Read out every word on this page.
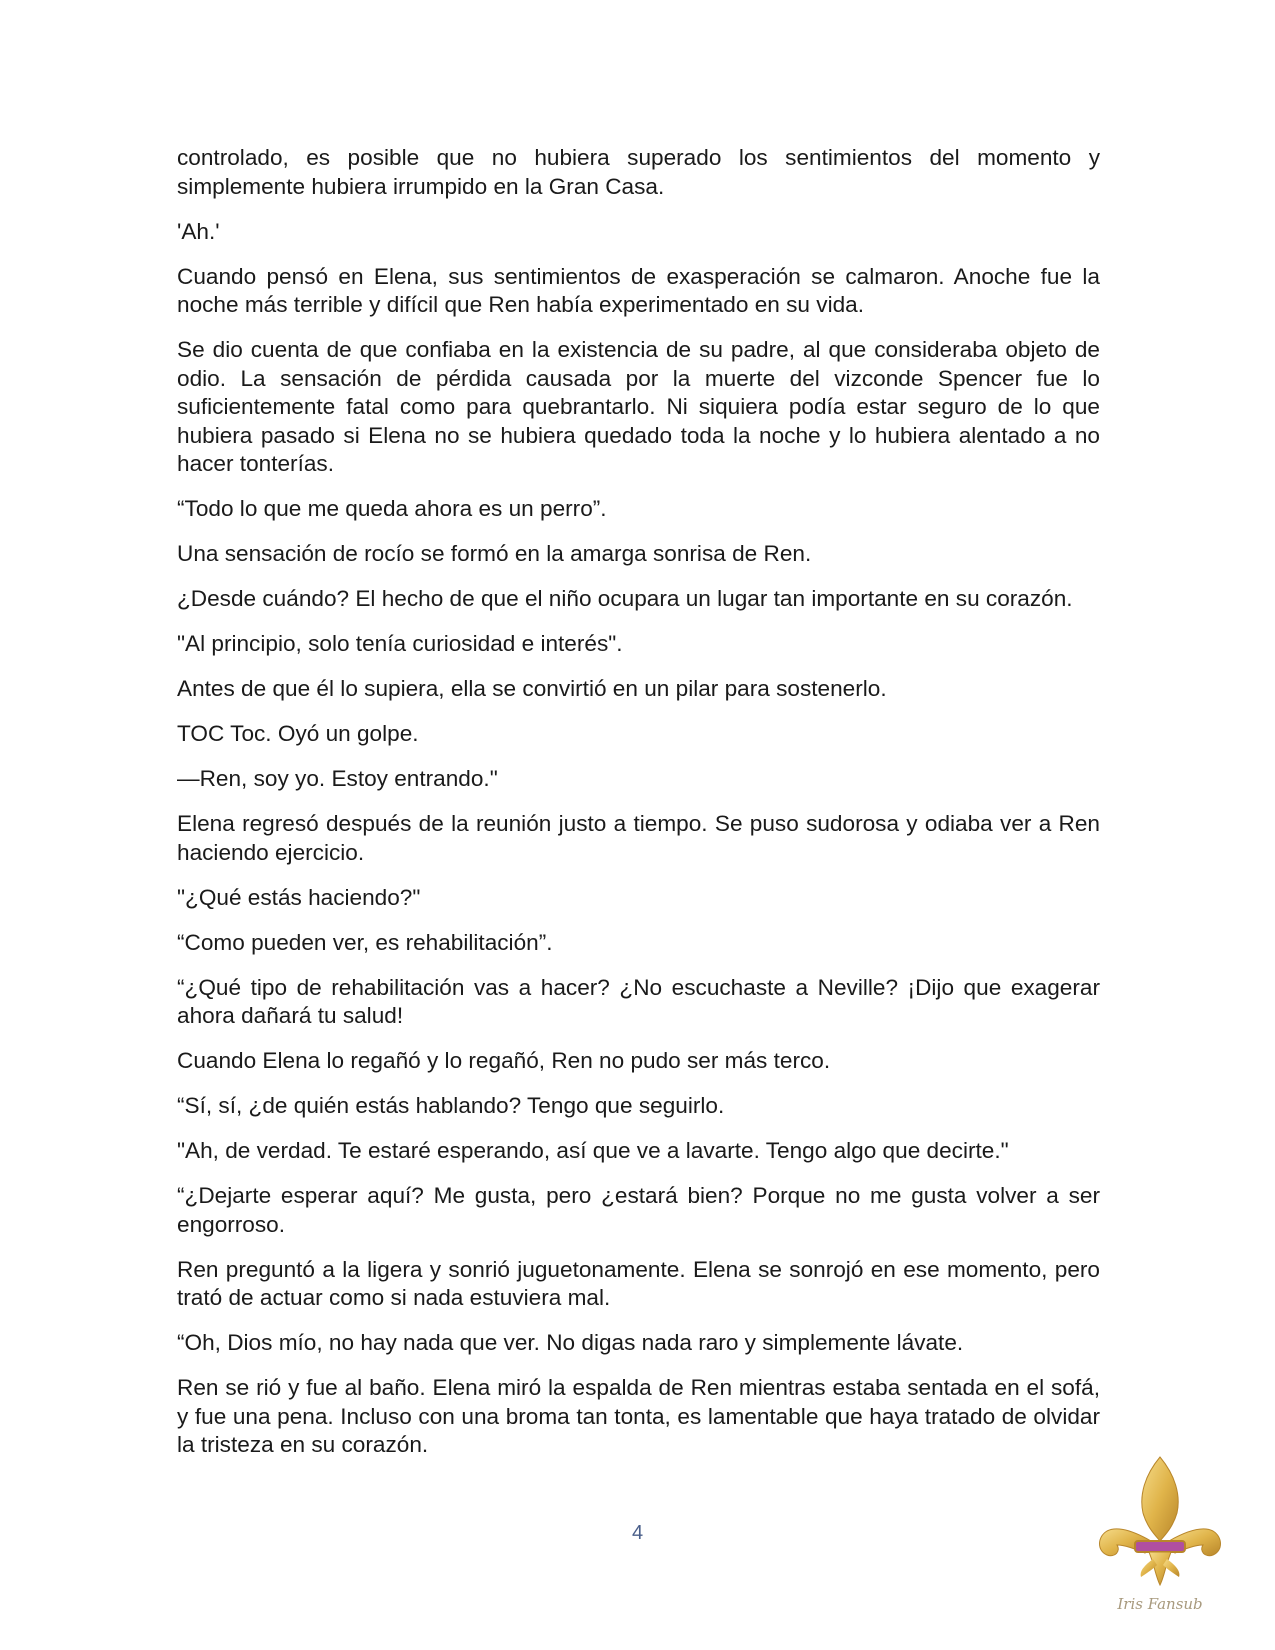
controlado, es posible que no hubiera superado los sentimientos del momento y simplemente hubiera irrumpido en la Gran Casa.

'Ah.'

Cuando pensó en Elena, sus sentimientos de exasperación se calmaron. Anoche fue la noche más terrible y difícil que Ren había experimentado en su vida.

Se dio cuenta de que confiaba en la existencia de su padre, al que consideraba objeto de odio. La sensación de pérdida causada por la muerte del vizconde Spencer fue lo suficientemente fatal como para quebrantarlo. Ni siquiera podía estar seguro de lo que hubiera pasado si Elena no se hubiera quedado toda la noche y lo hubiera alentado a no hacer tonterías.

“Todo lo que me queda ahora es un perro”.

Una sensación de rocío se formó en la amarga sonrisa de Ren.

¿Desde cuándo? El hecho de que el niño ocupara un lugar tan importante en su corazón.

"Al principio, solo tenía curiosidad e interés".

Antes de que él lo supiera, ella se convirtió en un pilar para sostenerlo.

TOC Toc. Oyó un golpe.

—Ren, soy yo. Estoy entrando."

Elena regresó después de la reunión justo a tiempo. Se puso sudorosa y odiaba ver a Ren haciendo ejercicio.

"¿Qué estás haciendo?"

“Como pueden ver, es rehabilitación”.

“¿Qué tipo de rehabilitación vas a hacer? ¿No escuchaste a Neville? ¡Dijo que exagerar ahora dañará tu salud!

Cuando Elena lo regañó y lo regañó, Ren no pudo ser más terco.

“Sí, sí, ¿de quién estás hablando? Tengo que seguirlo.

"Ah, de verdad. Te estaré esperando, así que ve a lavarte. Tengo algo que decirte."

“¿Dejarte esperar aquí? Me gusta, pero ¿estará bien? Porque no me gusta volver a ser engorroso.

Ren preguntó a la ligera y sonrió juguetonamente. Elena se sonrojó en ese momento, pero trató de actuar como si nada estuviera mal.

“Oh, Dios mío, no hay nada que ver. No digas nada raro y simplemente lávate.

Ren se rió y fue al baño. Elena miró la espalda de Ren mientras estaba sentada en el sofá, y fue una pena. Incluso con una broma tan tonta, es lamentable que haya tratado de olvidar la tristeza en su corazón.

4
Iris Fansub
